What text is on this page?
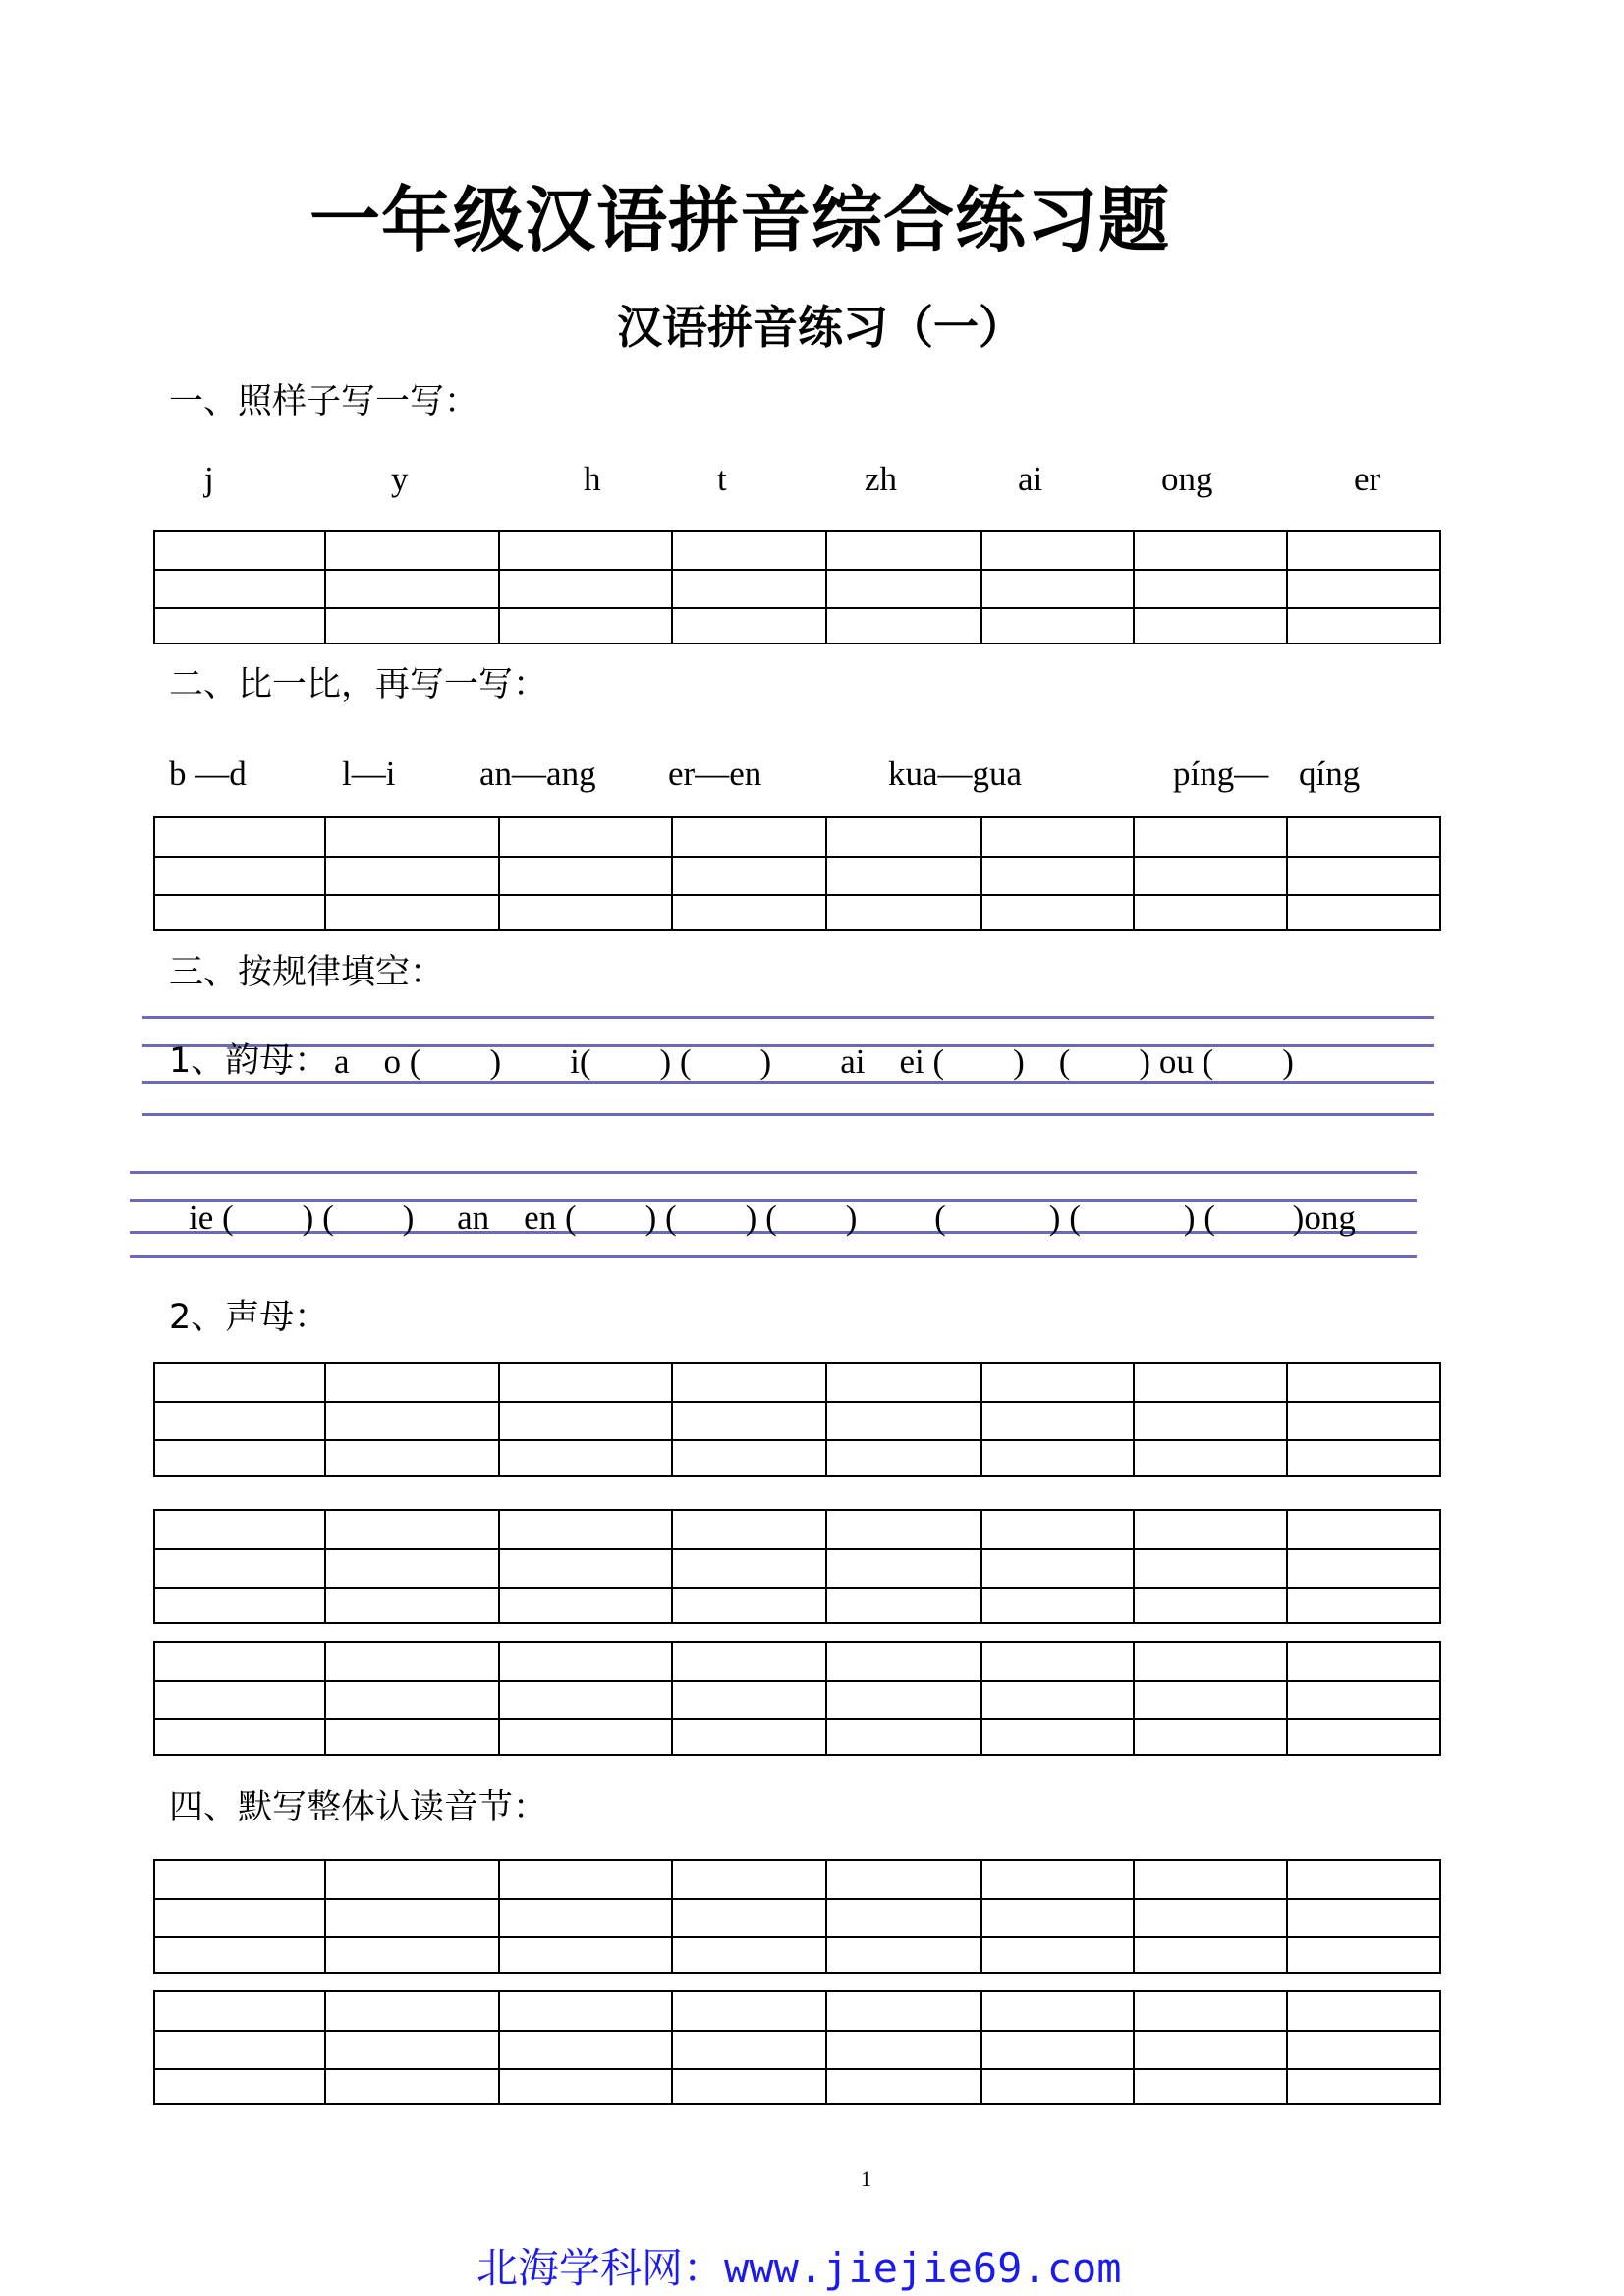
一年级汉语拼音综合练习题
汉语拼音练习（一）
一、照样子写一写：
j	y	h	t	zh	ai	ong	er
二、比一比，再写一写：
b —d	l—i an—ang er—en	kua—gua	píng— qíng
三、按规律填空：
1、韵母： a　o (　　)　　i(　　) (　　)　　ai　ei (　　)　(　　) ou (　　)
ie (　　) (　　)　 an　en (　　) (　　) (　　)　　 (　　　) (　　　) (　　 )ong
2、声母：
四、默写整体认读音节：
1
北海学科网：www.jiejie69.com
